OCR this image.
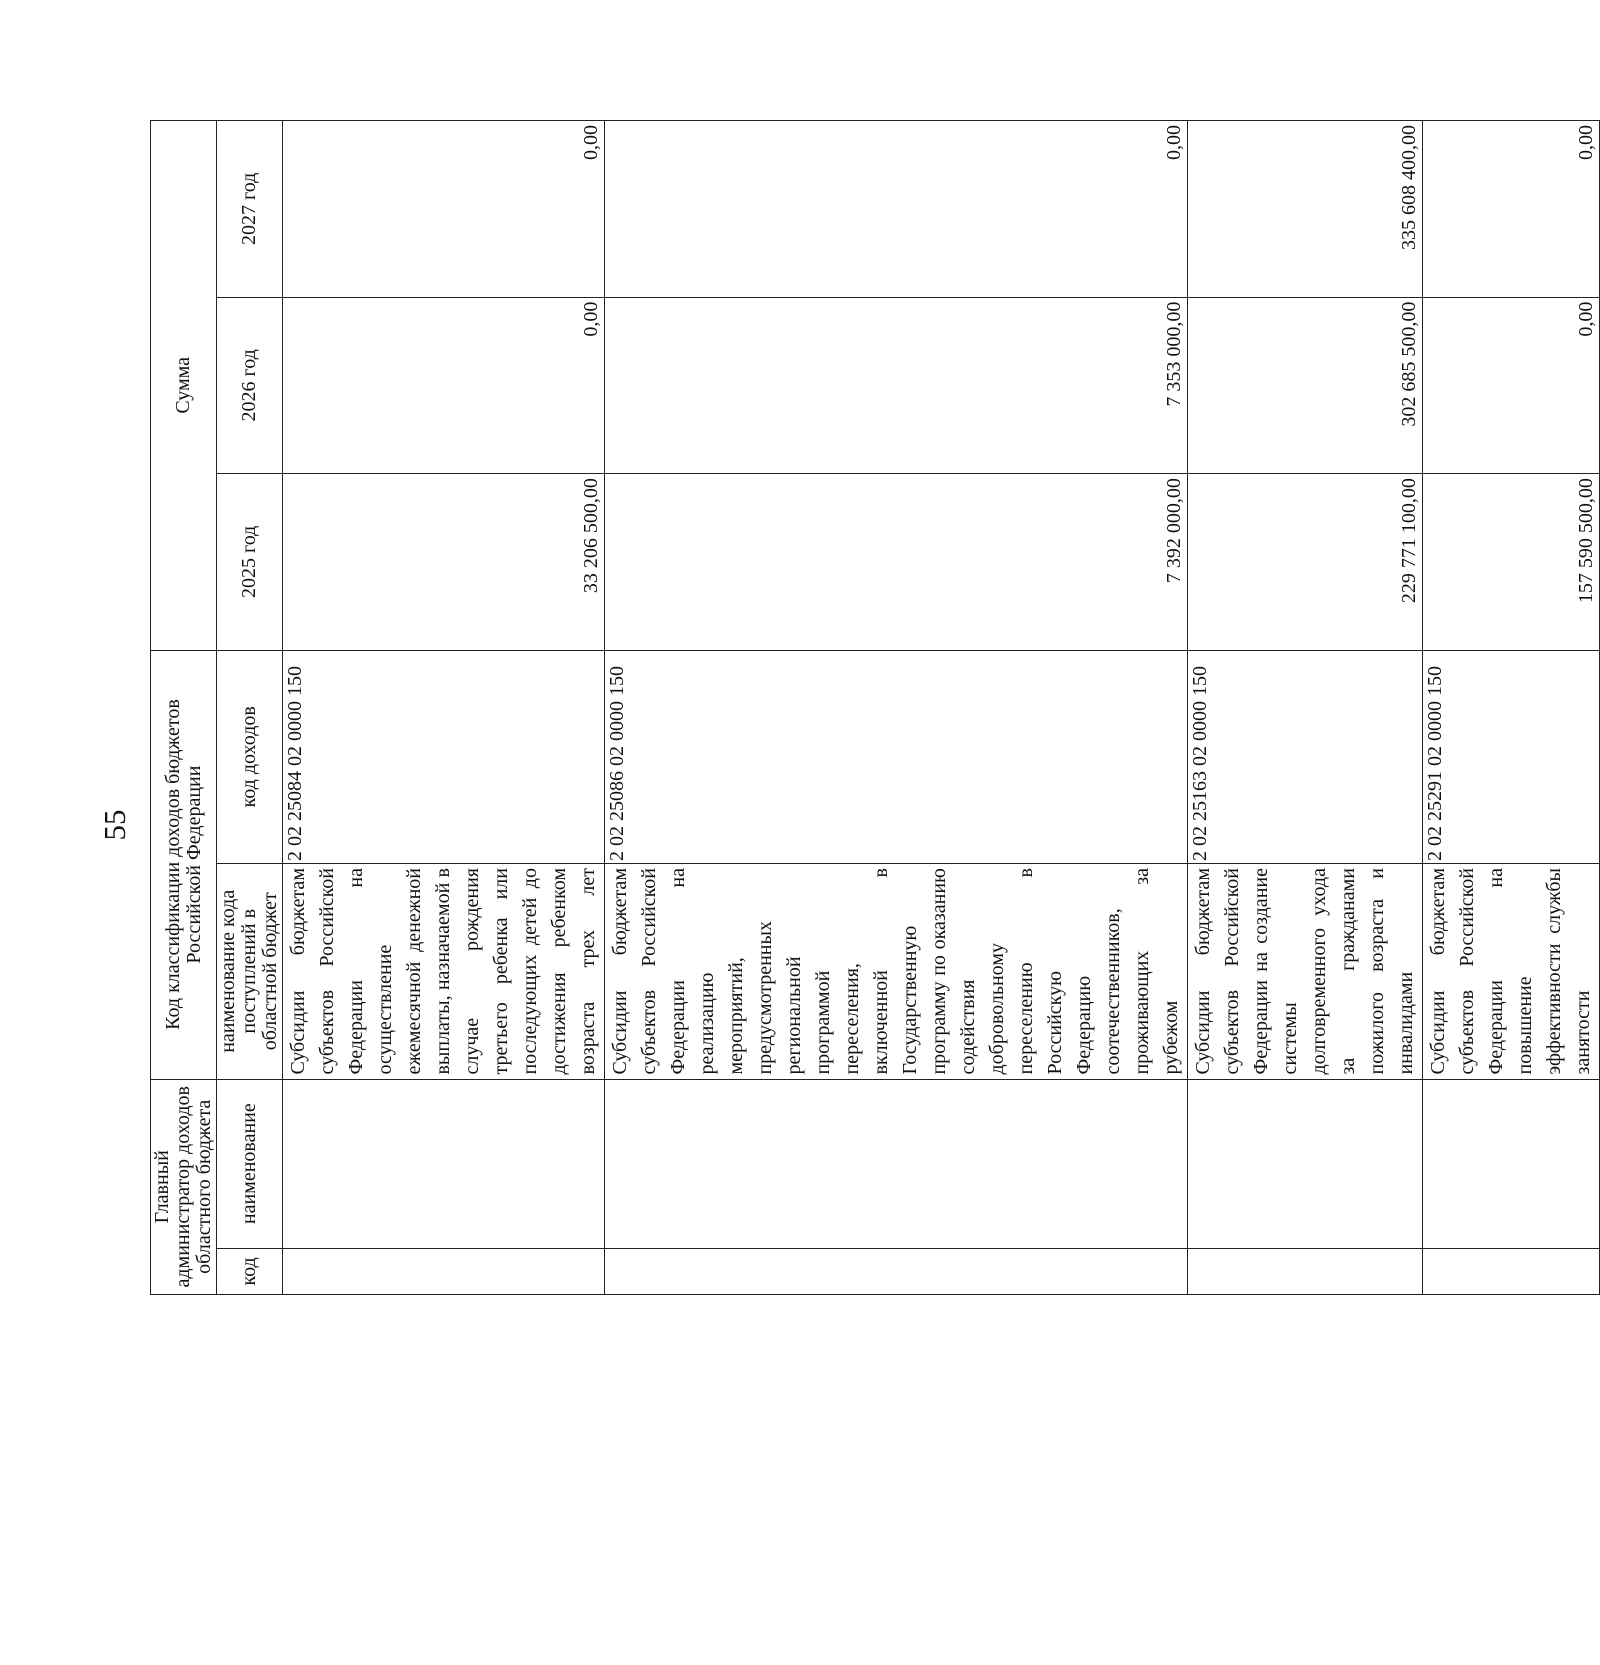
55
Главный администратор доходов областного бюджета		Код классификации доходов бюджетов Российской Федерации		Сумма		
код	наименование	наименование кода поступлений в областной бюджет	код доходов	2025 год	2026 год	2027 год
		Субсидии бюджетам субъектов Российской Федерации на осуществление ежемесячной денежной выплаты, назначаемой в случае рождения третьего ребенка или последующих детей до достижения ребенком возраста трех лет	2 02 25084 02 0000 150	33 206 500,00	0,00	0,00
		Субсидии бюджетам субъектов Российской Федерации на реализацию мероприятий, предусмотренных региональной программой переселения, включенной в Государственную программу по оказанию содействия добровольному переселению в Российскую Федерацию соотечественников, проживающих за рубежом	2 02 25086 02 0000 150	7 392 000,00	7 353 000,00	0,00
		Субсидии бюджетам субъектов Российской Федерации на создание системы долговременного ухода за гражданами пожилого возраста и инвалидами	2 02 25163 02 0000 150	229 771 100,00	302 685 500,00	335 608 400,00
		Субсидии бюджетам субъектов Российской Федерации на повышение эффективности службы занятости	2 02 25291 02 0000 150	157 590 500,00	0,00	0,00
